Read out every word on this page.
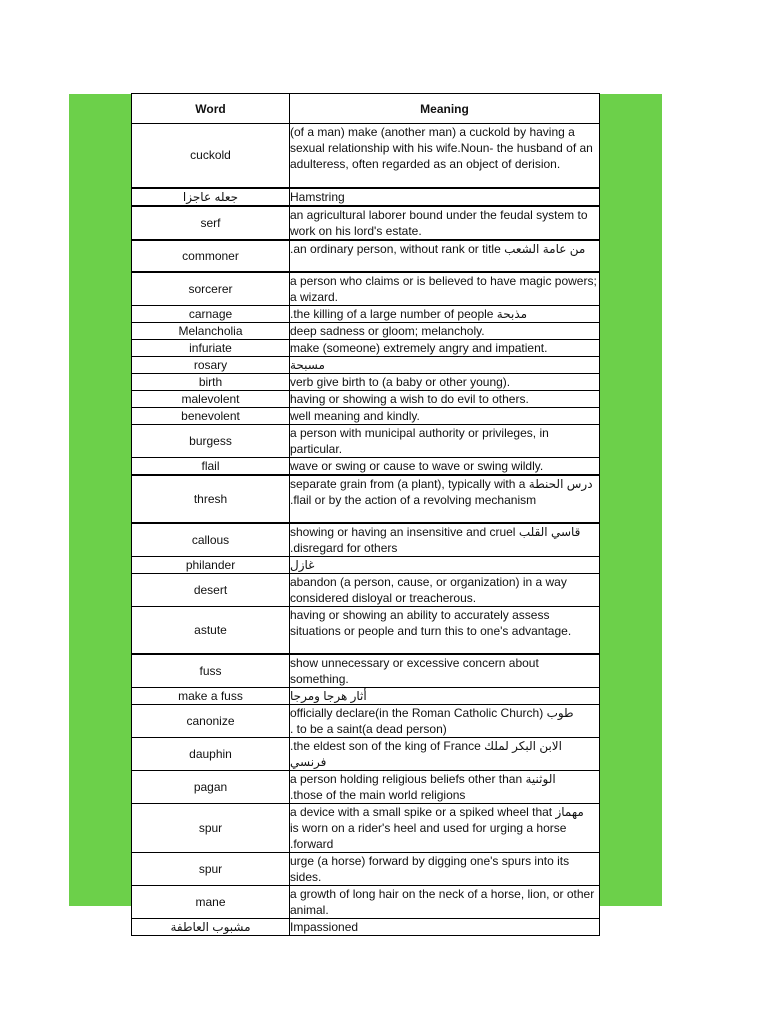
Word	Meaning
cuckold	(of a man) make (another man) a cuckold by having a sexual relationship with his wife.Noun- the husband of an adulteress, often regarded as an object of derision.

جعله عاجزا	Hamstring

serf	an agricultural laborer bound under the feudal system to work on his lord's estate.

commoner	.an ordinary person, without rank or title من عامة الشعب

sorcerer	a person who claims or is believed to have magic powers; a wizard.

carnage	.the killing of a large number of people مذبحة

Melancholia	deep sadness or gloom; melancholy.

infuriate	make (someone) extremely angry and impatient.

rosary	مسبحة

birth	verb give birth to (a baby or other young).

malevolent	having or showing a wish to do evil to others.

benevolent	well meaning and kindly.

burgess	a person with municipal authority or privileges, in particular.

flail	wave or swing or cause to wave or swing wildly.

thresh	separate grain from (a plant), typically with a درس الحنطة
.flail or by the action of a revolving mechanism

callous	showing or having an insensitive and cruel قاسي القلب
.disregard for others

philander	غازل

desert	abandon (a person, cause, or organization) in a way considered disloyal or treacherous.

astute	having or showing an ability to accurately assess situations or people and turn this to one's advantage.

fuss	show unnecessary or excessive concern about something.

make a fuss	أثار هرجا ومرجا

canonize	officially declare(in the Roman Catholic Church) طوب
. to be a saint(a dead person)

dauphin	.the eldest son of the king of France الابن البكر لملك فرنسي

pagan	a person holding religious beliefs other than الوثنية
.those of the main world religions

spur	a device with a small spike or a spiked wheel that مهماز
is worn on a rider's heel and used for urging a horse
.forward

spur	urge (a horse) forward by digging one's spurs into its sides.

mane	a growth of long hair on the neck of a horse, lion, or other animal.

مشبوب العاطفة	Impassioned
